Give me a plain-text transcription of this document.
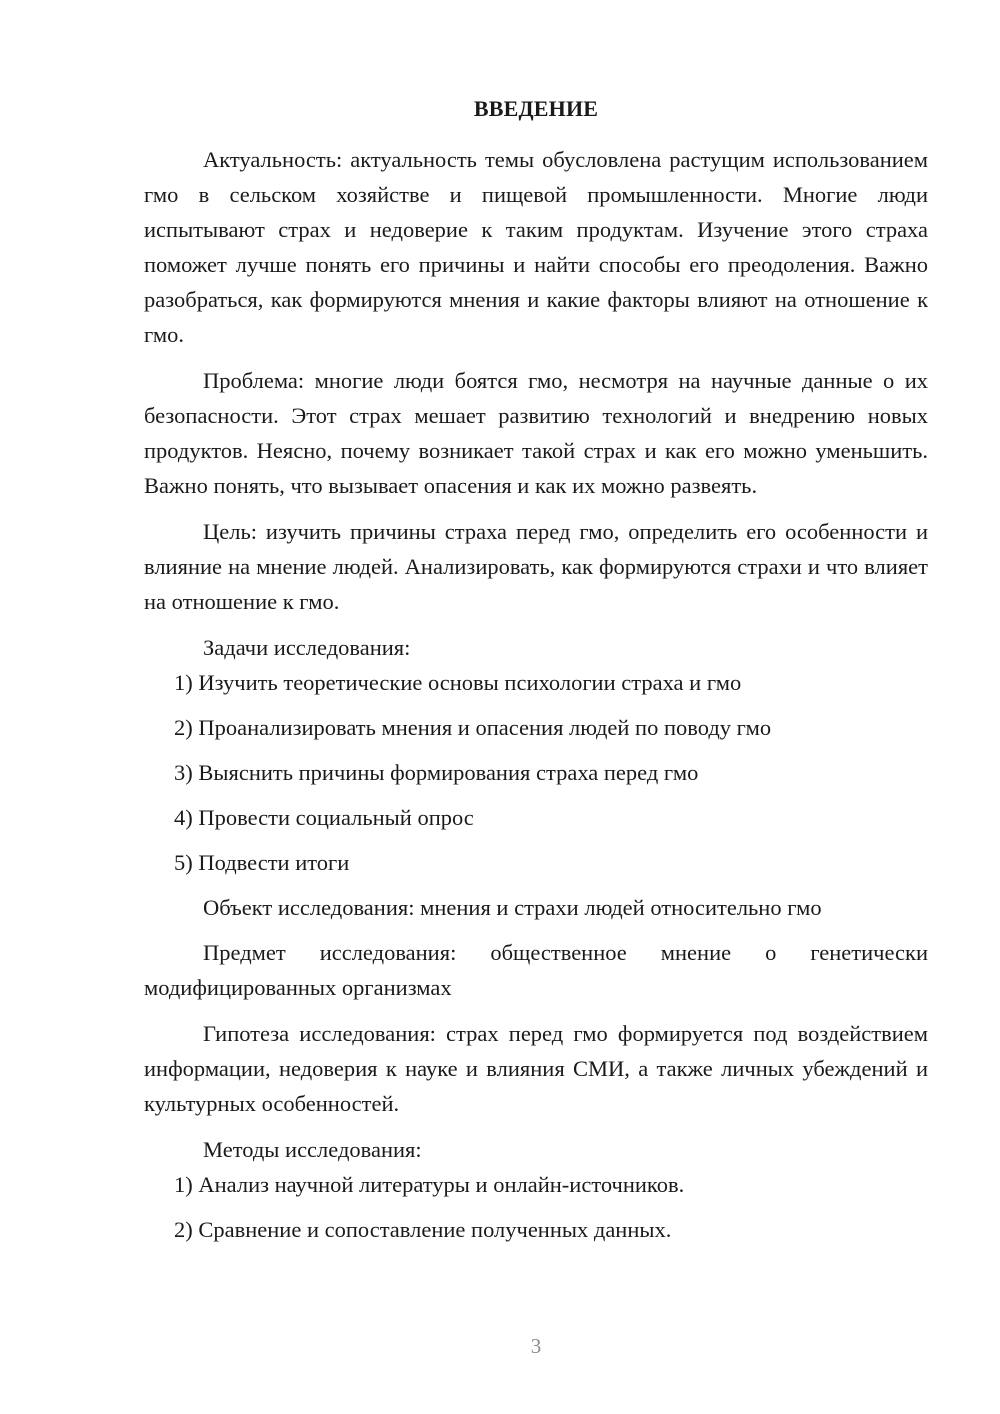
ВВЕДЕНИЕ

Актуальность: актуальность темы обусловлена растущим использованием гмо в сельском хозяйстве и пищевой промышленности. Многие люди испытывают страх и недоверие к таким продуктам. Изучение этого страха поможет лучше понять его причины и найти способы его преодоления. Важно разобраться, как формируются мнения и какие факторы влияют на отношение к гмо.

Проблема: многие люди боятся гмо, несмотря на научные данные о их безопасности. Этот страх мешает развитию технологий и внедрению новых продуктов. Неясно, почему возникает такой страх и как его можно уменьшить. Важно понять, что вызывает опасения и как их можно развеять.

Цель: изучить причины страха перед гмо, определить его особенности и влияние на мнение людей. Анализировать, как формируются страхи и что влияет на отношение к гмо.

Задачи исследования:

1) Изучить теоретические основы психологии страха и гмо

2) Проанализировать мнения и опасения людей по поводу гмо

3) Выяснить причины формирования страха перед гмо

4) Провести социальный опрос

5) Подвести итоги

Объект исследования: мнения и страхи людей относительно гмо

Предмет исследования: общественное мнение о генетически модифицированных организмах

Гипотеза исследования: страх перед гмо формируется под воздействием информации, недоверия к науке и влияния СМИ, а также личных убеждений и культурных особенностей.

Методы исследования:

1) Анализ научной литературы и онлайн-источников.

2) Сравнение и сопоставление полученных данных.

3
